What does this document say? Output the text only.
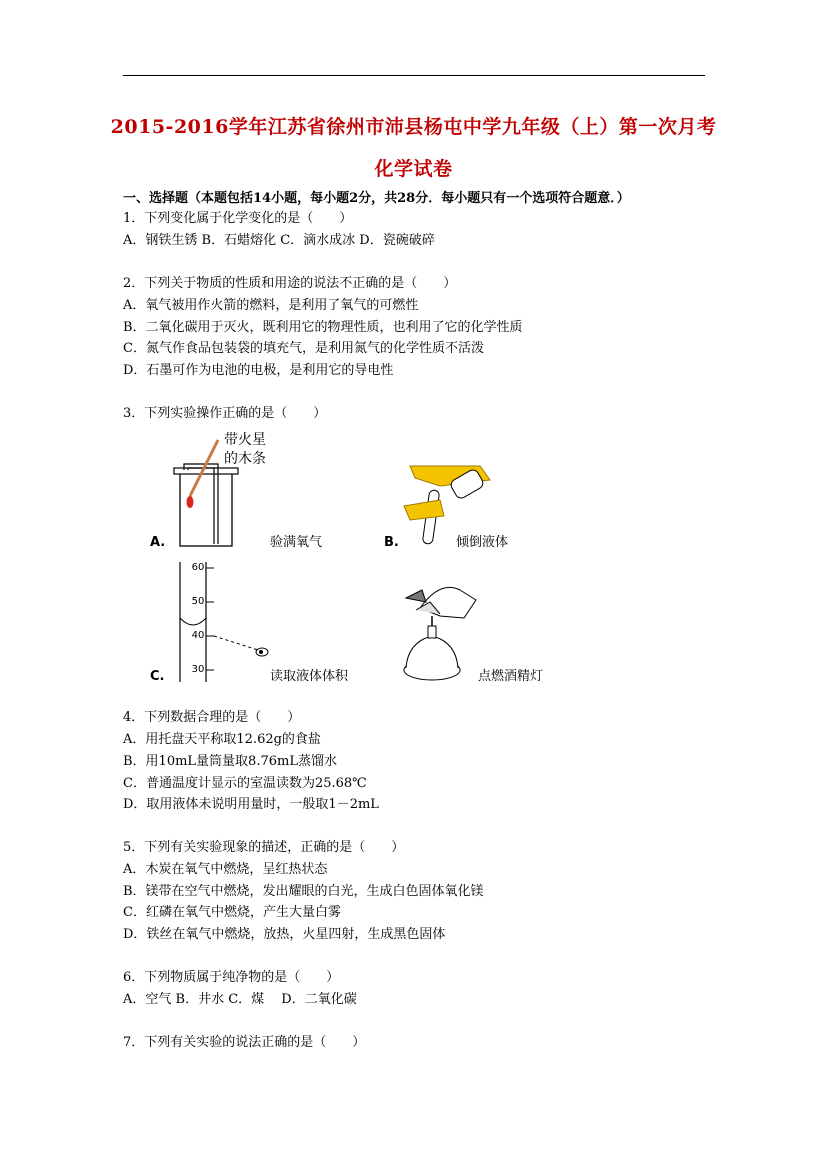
2015-2016学年江苏省徐州市沛县杨屯中学九年级（上）第一次月考
化学试卷
一、选择题（本题包括14小题，每小题2分，共28分．每小题只有一个选项符合题意．）
1．下列变化属于化学变化的是（　　）
A．钢铁生锈 B．石蜡熔化 C．滴水成冰 D．瓷碗破碎
2．下列关于物质的性质和用途的说法不正确的是（　　）
A．氧气被用作火箭的燃料，是利用了氧气的可燃性
B．二氧化碳用于灭火，既利用它的物理性质，也利用了它的化学性质
C．氮气作食品包装袋的填充气，是利用氮气的化学性质不活泼
D．石墨可作为电池的电极，是利用它的导电性
3．下列实验操作正确的是（　　）
带火星
的木条
A.	验满氧气	B.	倾倒液体
60
50
40
30
C.	读取液体体积	点燃酒精灯
4．下列数据合理的是（　　）
A．用托盘天平称取12.62g的食盐
B．用10mL量筒量取8.76mL蒸馏水
C．普通温度计显示的室温读数为25.68℃
D．取用液体未说明用量时，一般取1－2mL
5．下列有关实验现象的描述，正确的是（　　）
A．木炭在氧气中燃烧，呈红热状态
B．镁带在空气中燃烧，发出耀眼的白光，生成白色固体氧化镁
C．红磷在氧气中燃烧，产生大量白雾
D．铁丝在氧气中燃烧，放热，火星四射，生成黑色固体
6．下列物质属于纯净物的是（　　）
A．空气 B．井水 C．煤　 D．二氧化碳
7．下列有关实验的说法正确的是（　　）
